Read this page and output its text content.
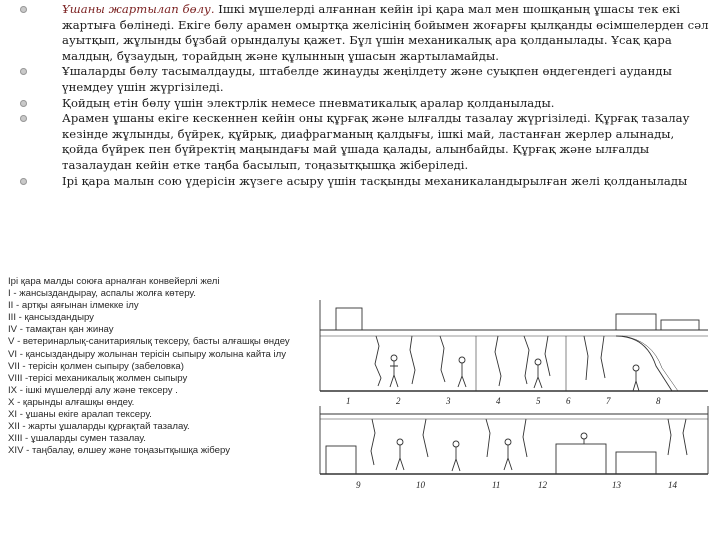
Ұшаны жартылап бөлу. Ішкі мүшелерді алғаннан кейін ірі қара мал мен шошқаның ұшасы тек екі жартыға бөлінеді. Екіге бөлу арамен омыртқа желісінің бойымен жоғарғы қылқанды өсімшелерден сәл ауытқып, жұлынды бұзбай орындалуы қажет. Бұл үшін механикалық ара қолданылады. Ұсақ қара малдың, бұзаудың, торайдың және құлынның ұшасын жартыламайды.
Ұшаларды бөлу тасымалдауды, штабелде жинауды жеңілдету және суықпен өңдегендегі ауданды үнемдеу үшін жүргізіледі.
Қойдың етін бөлу үшін электрлік немесе пневматикалық аралар қолданылады.
Арамен ұшаны екіге кескеннен кейін оны құрғақ және ылғалды тазалау жүргізіледі. Құрғақ тазалау кезінде жұлынды, бүйрек, құйрық, диафрагманың қалдығы, ішкі май, ластанған жерлер алынады, қойда бүйрек пен бүйректің маңындағы май ұшада қалады, алынбайды. Құрғақ және ылғалды тазалаудан кейін етке таңба басылып, тоңазытқышқа жіберіледі.
Ірі қара малын сою үдерісін жүзеге асыру үшін тасқынды механикаландырылған желі қолданылады
Ірі қара малды союға арналған конвейерлі желі
I - жансыздандырау, аспалы жолға көтеру.
II - артқы аяғынан ілмекке ілу
III - қансыздандыру
IV - тамақтан қан жинау
V - ветеринарлық-санитариялық тексеру, басты алғашқы өндеу
VI - қансыздандыру жолынан терісін сыпыру жолына кайта ілу
VII - терісін қолмен сыпыру (забеловка)
VIII -терісі механикалық жолмен сыпыру
IX - ішкі мүшелерді алу және тексеру .
X - қарынды алғашқы өндеу.
XI - ұшаны екіге аралап тексеру.
XII - жарты ұшаларды құрғақтай тазалау.
XIII - ұшаларды сумен тазалау.
XIV - таңбалау, өлшеу және тоңазытқышқа жіберу
1	2	3	4	5	6	7	8
9	10	11	12	13	14
